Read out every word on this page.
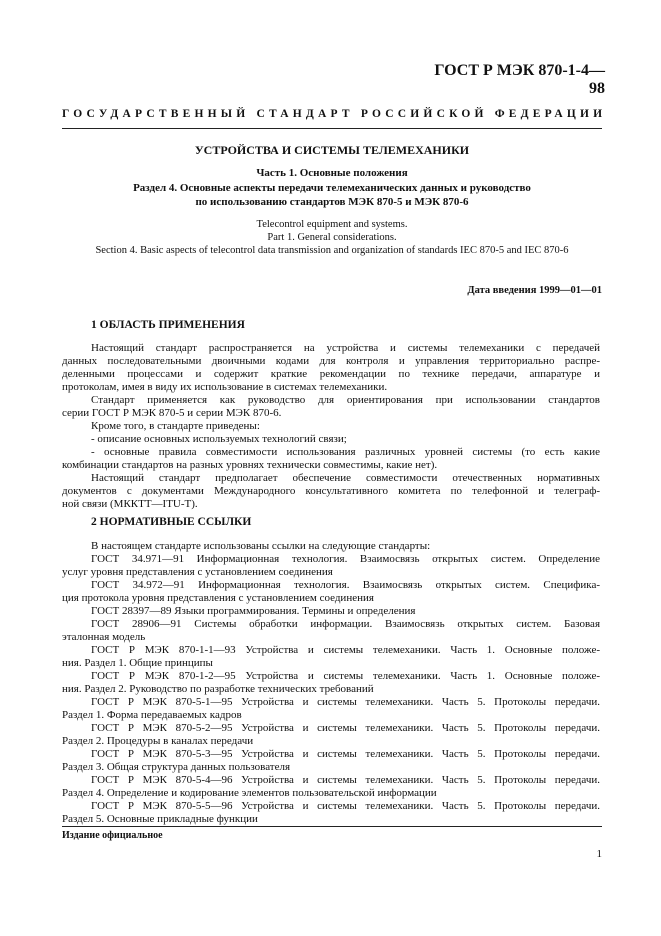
ГОСТ Р МЭК 870-1-4—98
ГОСУДАРСТВЕННЫЙ СТАНДАРТ РОССИЙСКОЙ ФЕДЕРАЦИИ
УСТРОЙСТВА И СИСТЕМЫ ТЕЛЕМЕХАНИКИ
Часть 1. Основные положения
Раздел 4. Основные аспекты передачи телемеханических данных и руководство
по использованию стандартов МЭК 870-5 и МЭК 870-6
Telecontrol equipment and systems.
Part 1. General considerations.
Section 4. Basic aspects of telecontrol data transmission and organization of standards IEC 870-5 and IEC 870-6
Дата введения 1999—01—01
1 ОБЛАСТЬ ПРИМЕНЕНИЯ
Настоящий стандарт распространяется на устройства и системы телемеханики с передачей
данных последовательными двоичными кодами для контроля и управления территориально распре-
деленными процессами и содержит краткие рекомендации по технике передачи, аппаратуре и
протоколам, имея в виду их использование в системах телемеханики.
Стандарт применяется как руководство для ориентирования при использовании стандартов
серии ГОСТ Р МЭК 870-5 и серии МЭК 870-6.
Кроме того, в стандарте приведены:
- описание основных используемых технологий связи;
- основные правила совместимости использования различных уровней системы (то есть какие
комбинации стандартов на разных уровнях технически совместимы, какие нет).
Настоящий стандарт предполагает обеспечение совместимости отечественных нормативных
документов с документами Международного консультативного комитета по телефонной и телеграф-
ной связи (МККТТ—ITU-T).
2 НОРМАТИВНЫЕ ССЫЛКИ
В настоящем стандарте использованы ссылки на следующие стандарты:
ГОСТ 34.971—91 Информационная технология. Взаимосвязь открытых систем. Определение
услуг уровня представления с установлением соединения
ГОСТ 34.972—91 Информационная технология. Взаимосвязь открытых систем. Специфика-
ция протокола уровня представления с установлением соединения
ГОСТ 28397—89 Языки программирования. Термины и определения
ГОСТ 28906—91 Системы обработки информации. Взаимосвязь открытых систем. Базовая
эталонная модель
ГОСТ Р МЭК 870-1-1—93 Устройства и системы телемеханики. Часть 1. Основные положе-
ния. Раздел 1. Общие принципы
ГОСТ Р МЭК 870-1-2—95 Устройства и системы телемеханики. Часть 1. Основные положе-
ния. Раздел 2. Руководство по разработке технических требований
ГОСТ Р МЭК 870-5-1—95 Устройства и системы телемеханики. Часть 5. Протоколы передачи.
Раздел 1. Форма передаваемых кадров
ГОСТ Р МЭК 870-5-2—95 Устройства и системы телемеханики. Часть 5. Протоколы передачи.
Раздел 2. Процедуры в каналах передачи
ГОСТ Р МЭК 870-5-3—95 Устройства и системы телемеханики. Часть 5. Протоколы передачи.
Раздел 3. Общая структура данных пользователя
ГОСТ Р МЭК 870-5-4—96 Устройства и системы телемеханики. Часть 5. Протоколы передачи.
Раздел 4. Определение и кодирование элементов пользовательской информации
ГОСТ Р МЭК 870-5-5—96 Устройства и системы телемеханики. Часть 5. Протоколы передачи.
Раздел 5. Основные прикладные функции
Издание официальное
1
